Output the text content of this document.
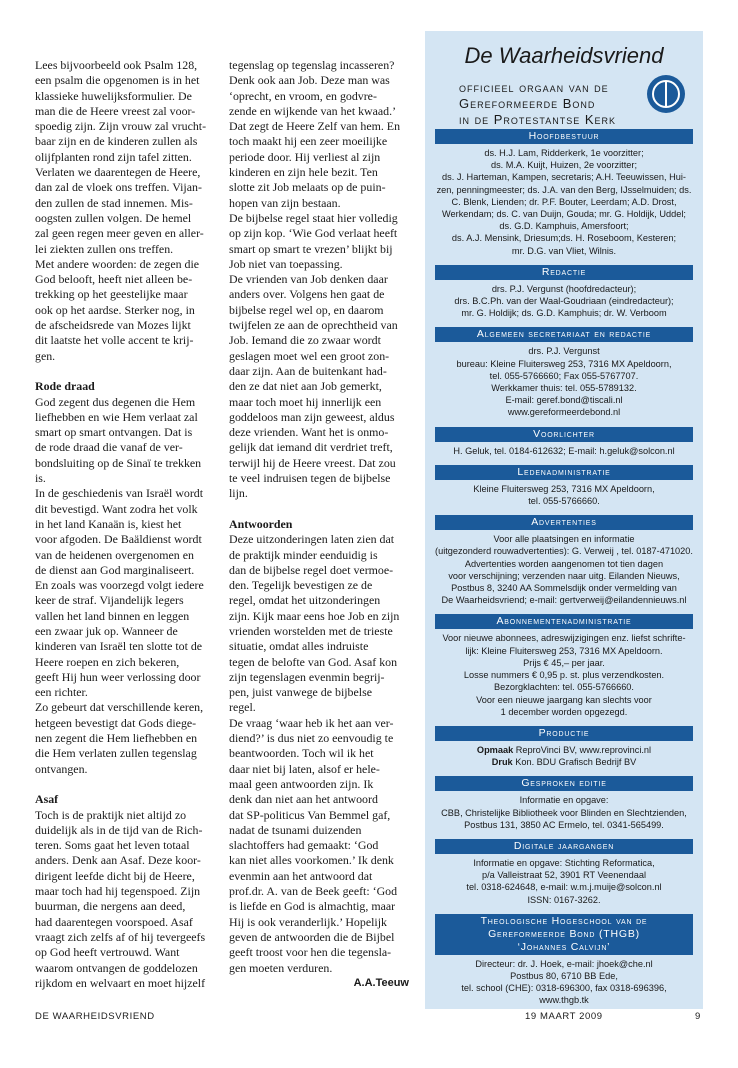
Lees bijvoorbeeld ook Psalm 128,
een psalm die opgenomen is in het
klassieke huwelijksformulier. De
man die de Heere vreest zal voor-
spoedig zijn. Zijn vrouw zal vrucht-
baar zijn en de kinderen zullen als
olijfplanten rond zijn tafel zitten.
Verlaten we daarentegen de Heere,
dan zal de vloek ons treffen. Vijan-
den zullen de stad innemen. Mis-
oogsten zullen volgen. De hemel
zal geen regen meer geven en aller-
lei ziekten zullen ons treffen.
Met andere woorden: de zegen die
God belooft, heeft niet alleen be-
trekking op het geestelijke maar
ook op het aardse. Sterker nog, in
de afscheidsrede van Mozes lijkt
dit laatste het volle accent te krij-
gen.

Rode draad

God zegent dus degenen die Hem
liefhebben en wie Hem verlaat zal
smart op smart ontvangen. Dat is
de rode draad die vanaf de ver-
bondsluiting op de Sinaï te trekken
is.

In de geschiedenis van Israël wordt
dit bevestigd. Want zodra het volk
in het land Kanaän is, kiest het
voor afgoden. De Baäldienst wordt
van de heidenen overgenomen en
de dienst aan God marginaliseert.
En zoals was voorzegd volgt iedere
keer de straf. Vijandelijk legers
vallen het land binnen en leggen
een zwaar juk op. Wanneer de
kinderen van Israël ten slotte tot de
Heere roepen en zich bekeren,
geeft Hij hun weer verlossing door
een richter.

Zo gebeurt dat verschillende keren,
hetgeen bevestigt dat Gods diege-
nen zegent die Hem liefhebben en
die Hem verlaten zullen tegenslag
ontvangen.

Asaf

Toch is de praktijk niet altijd zo
duidelijk als in de tijd van de Rich-
teren. Soms gaat het leven totaal
anders. Denk aan Asaf. Deze koor-
dirigent leefde dicht bij de Heere,
maar toch had hij tegenspoed. Zijn
buurman, die nergens aan deed,
had daarentegen voorspoed. Asaf
vraagt zich zelfs af of hij tevergeefs
op God heeft vertrouwd. Want
waarom ontvangen de goddelozen
rijkdom en welvaart en moet hijzelf

tegenslag op tegenslag incasseren?
Denk ook aan Job. Deze man was
‘oprecht, en vroom, en godvre-
zende en wijkende van het kwaad.’
Dat zegt de Heere Zelf van hem. En
toch maakt hij een zeer moeilijke
periode door. Hij verliest al zijn
kinderen en zijn hele bezit. Ten
slotte zit Job melaats op de puin-
hopen van zijn bestaan.

De bijbelse regel staat hier volledig
op zijn kop. ‘Wie God verlaat heeft
smart op smart te vrezen’ blijkt bij
Job niet van toepassing.

De vrienden van Job denken daar
anders over. Volgens hen gaat de
bijbelse regel wel op, en daarom
twijfelen ze aan de oprechtheid van
Job. Iemand die zo zwaar wordt
geslagen moet wel een groot zon-
daar zijn. Aan de buitenkant had-
den ze dat niet aan Job gemerkt,
maar toch moet hij innerlijk een
goddeloos man zijn geweest, aldus
deze vrienden. Want het is onmo-
gelijk dat iemand dit verdriet treft,
terwijl hij de Heere vreest. Dat zou
te veel indruisen tegen de bijbelse
lijn.

Antwoorden

Deze uitzonderingen laten zien dat
de praktijk minder eenduidig is
dan de bijbelse regel doet vermoe-
den. Tegelijk bevestigen ze de
regel, omdat het uitzonderingen
zijn. Kijk maar eens hoe Job en zijn
vrienden worstelden met de trieste
situatie, omdat alles indruiste
tegen de belofte van God. Asaf kon
zijn tegenslagen evenmin begrij-
pen, juist vanwege de bijbelse
regel.

De vraag ‘waar heb ik het aan ver-
diend?’ is dus niet zo eenvoudig te
beantwoorden. Toch wil ik het
daar niet bij laten, alsof er hele-
maal geen antwoorden zijn. Ik
denk dan niet aan het antwoord
dat SP-politicus Van Bemmel gaf,
nadat de tsunami duizenden
slachtoffers had gemaakt: ‘God
kan niet alles voorkomen.’ Ik denk
evenmin aan het antwoord dat
prof.dr. A. van de Beek geeft: ‘God
is liefde en God is almachtig, maar
Hij is ook veranderlijk.’ Hopelijk
geven de antwoorden die de Bijbel
geeft troost voor hen die tegensla-
gen moeten verduren.

A.A.Teeuw
De Waarheidsvriend
officieel orgaan van de
Gereformeerde Bond
in de Protestantse Kerk
Hoofdbestuur
ds. H.J. Lam, Ridderkerk, 1e voorzitter;
ds. M.A. Kuijt, Huizen, 2e voorzitter;
ds. J. Harteman, Kampen, secretaris; A.H. Teeuwissen, Hui-
zen, penningmeester; ds. J.A. van den Berg, IJsselmuiden; ds.
C. Blenk, Lienden; dr. P.F. Bouter, Leerdam; A.D. Drost,
Werkendam; ds. C. van Duijn, Gouda; mr. G. Holdijk, Uddel;
ds. G.D. Kamphuis, Amersfoort;
ds. A.J. Mensink, Driesum;ds. H. Roseboom, Kesteren;
mr. D.G. van Vliet, Wilnis.
Redactie
drs. P.J. Vergunst (hoofdredacteur);
drs. B.C.Ph. van der Waal-Goudriaan (eindredacteur);
mr. G. Holdijk; ds. G.D. Kamphuis; dr. W. Verboom
Algemeen secretariaat en redactie
drs. P.J. Vergunst
bureau: Kleine Fluitersweg 253, 7316 MX Apeldoorn,
tel. 055-5766660; Fax 055-5767707.
Werkkamer thuis: tel. 055-5789132.
E-mail: geref.bond@tiscali.nl
www.gereformeerdebond.nl
Voorlichter
H. Geluk, tel. 0184-612632; E-mail: h.geluk@solcon.nl
Ledenadministratie
Kleine Fluitersweg 253, 7316 MX Apeldoorn,
tel. 055-5766660.
Advertenties
Voor alle plaatsingen en informatie
(uitgezonderd rouwadvertenties): G. Verweij , tel. 0187-471020.
Advertenties worden aangenomen tot tien dagen
voor verschijning; verzenden naar uitg. Eilanden Nieuws,
Postbus 8, 3240 AA Sommelsdijk onder vermelding van
De Waarheidsvriend; e-mail: gertverweij@eilandennieuws.nl
Abonnementenadministratie
Voor nieuwe abonnees, adreswijzigingen enz. liefst schrifte-
lijk: Kleine Fluitersweg 253, 7316 MX Apeldoorn.
Prijs € 45,– per jaar.
Losse nummers € 0,95 p. st. plus verzendkosten.
Bezorgklachten: tel. 055-5766660.
Voor een nieuwe jaargang kan slechts voor
1 december worden opgezegd.
Productie
Opmaak ReproVinci BV, www.reprovinci.nl
Druk Kon. BDU Grafisch Bedrijf BV
Gesproken editie
Informatie en opgave:
CBB, Christelijke Bibliotheek voor Blinden en Slechtzienden,
Postbus 131, 3850 AC Ermelo, tel. 0341-565499.
Digitale jaargangen
Informatie en opgave: Stichting Reformatica,
p/a Valleistraat 52, 3901 RT Veenendaal
tel. 0318-624648, e-mail: w.m.j.muije@solcon.nl
ISSN: 0167-3262.
Theologische Hogeschool van de
Gereformeerde Bond (THGB)
‘Johannes Calvijn’
Directeur: dr. J. Hoek, e-mail: jhoek@che.nl
Postbus 80, 6710 BB Ede,
tel. school (CHE): 0318-696300, fax 0318-696396,
www.thgb.tk
DE WAARHEIDSVRIEND	19 MAART 2009	9
